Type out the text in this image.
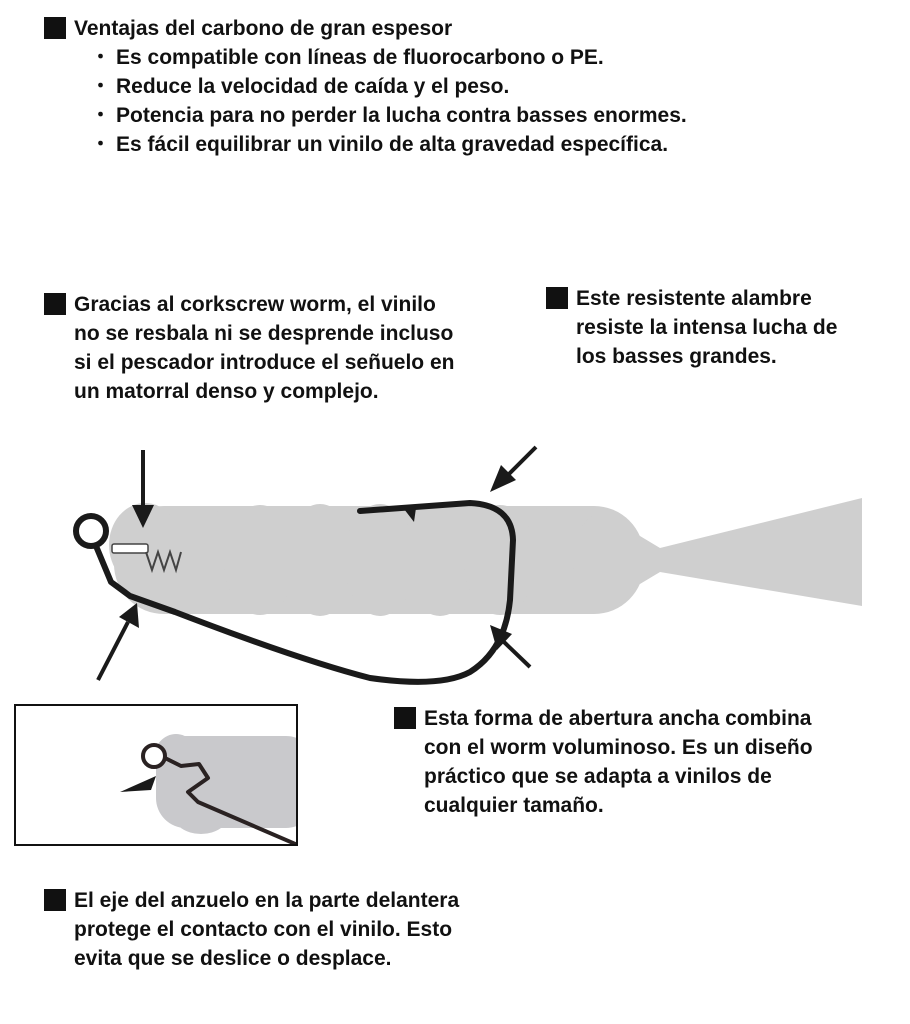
Ventajas del carbono de gran espesor
・ Es compatible con líneas de fluorocarbono o PE.
・ Reduce la velocidad de caída y el peso.
・ Potencia para no perder la lucha contra basses enormes.
・ Es fácil equilibrar un vinilo de alta gravedad específica.
Gracias al corkscrew worm, el vinilo
no se resbala ni se desprende incluso
si el pescador introduce el señuelo en
un matorral denso y complejo.
Este resistente alambre
resiste la intensa lucha de
los basses grandes.
Esta forma de abertura ancha combina
con el worm voluminoso. Es un diseño
práctico que se adapta a vinilos de
cualquier tamaño.
El eje del anzuelo en la parte delantera
protege el contacto con el vinilo. Esto
evita que se deslice o desplace.
